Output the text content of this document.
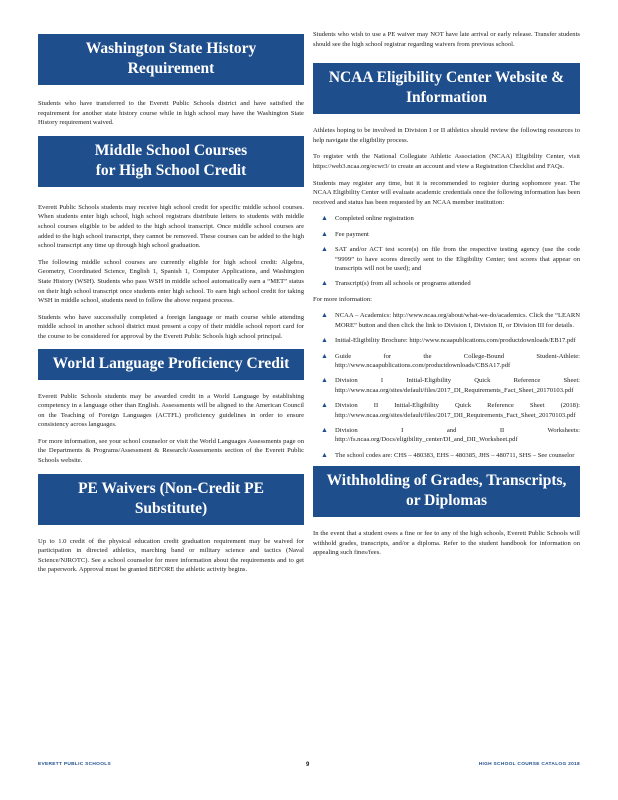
Washington State History
Requirement

Students who have transferred to the Everett Public Schools district and have satisfied the requirement for another state history course while in high school may have the Washington State History requirement waived.

Middle School Courses
for High School Credit

Everett Public Schools students may receive high school credit for specific middle school courses. When students enter high school, high school registrars distribute letters to students with middle school courses eligible to be added to the high school transcript. Once middle school courses are added to the high school transcript, they cannot be removed. These courses can be added to the high school transcript any time up through high school graduation.

The following middle school courses are currently eligible for high school credit: Algebra, Geometry, Coordinated Science, English 1, Spanish 1, Computer Applications, and Washington State History (WSH). Students who pass WSH in middle school automatically earn a “MET” status on their high school transcript once students enter high school. To earn high school credit for taking WSH in middle school, students need to follow the above request process.

Students who have successfully completed a foreign language or math course while attending middle school in another school district must present a copy of their middle school report card for the course to be considered for approval by the Everett Public Schools high school principal.

World Language Proficiency Credit

Everett Public Schools students may be awarded credit in a World Language by establishing competency in a language other than English. Assessments will be aligned to the American Council on the Teaching of Foreign Languages (ACTFL) proficiency guidelines in order to ensure consistency across languages.

For more information, see your school counselor or visit the World Languages Assessments page on the Departments & Programs/Assessment & Research/Assessments section of the Everett Public Schools website.

PE Waivers (Non-Credit PE Substitute)

Up to 1.0 credit of the physical education credit graduation requirement may be waived for participation in directed athletics, marching band or military science and tactics (Naval Science/NJROTC). See a school counselor for more information about the requirements and to get the paperwork. Approval must be granted BEFORE the athletic activity begins.

Students who wish to use a PE waiver may NOT have late arrival or early release. Transfer students should see the high school registrar regarding waivers from previous school.

NCAA Eligibility Center Website &
Information

Athletes hoping to be involved in Division I or II athletics should review the following resources to help navigate the eligibility process.

To register with the National Collegiate Athletic Association (NCAA) Eligibility Center, visit https://web3.ncaa.org/ecwr3/ to create an account and view a Registration Checklist and FAQs.

Students may register any time, but it is recommended to register during sophomore year. The NCAA Eligibility Center will evaluate academic credentials once the following information has been received and status has been requested by an NCAA member institution:

▲ Completed online registration
▲ Fee payment
▲ SAT and/or ACT test score(s) on file from the respective testing agency (use the code “9999” to have scores directly sent to the Eligibility Center; test scores that appear on transcripts will not be used); and
▲ Transcript(s) from all schools or programs attended

For more information:

▲ NCAA – Academics: http://www.ncaa.org/about/what-we-do/academics. Click the “LEARN MORE” button and then click the link to Division I, Division II, or Division III for details.
▲ Initial-Eligibility Brochure: http://www.ncaapublications.com/productdownloads/EB17.pdf
▲ Guide for the College-Bound Student-Athlete: http://www.ncaapublications.com/productdownloads/CBSA17.pdf
▲ Division I Initial-Eligibility Quick Reference Sheet: http://www.ncaa.org/sites/default/files/2017_DI_Requirements_Fact_Sheet_20170103.pdf
▲ Division II Initial-Eligibility Quick Reference Sheet (2018): http://www.ncaa.org/sites/default/files/2017_DII_Requirements_Fact_Sheet_20170103.pdf
▲ Division I and II Worksheets: http://fs.ncaa.org/Docs/eligibility_center/DI_and_DII_Worksheet.pdf
▲ The school codes are: CHS – 480383, EHS – 480385, JHS – 480711, SHS – See counselor
Withholding of Grades, Transcripts,
or Diplomas

In the event that a student owes a fine or fee to any of the high schools, Everett Public Schools will withhold grades, transcripts, and/or a diploma. Refer to the student handbook for information on appealing such fines/fees.

EVERETT PUBLIC SCHOOLS	9	HIGH SCHOOL COURSE CATALOG 2018
